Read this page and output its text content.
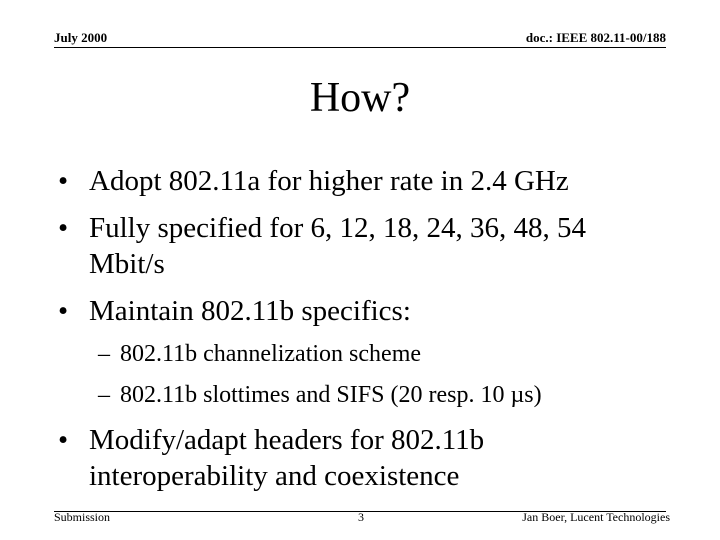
July 2000	doc.: IEEE 802.11-00/188
How?
• Adopt 802.11a for higher rate in 2.4 GHz
• Fully specified for 6, 12, 18, 24, 36, 48, 54
Mbit/s
• Maintain 802.11b specifics:
– 802.11b channelization scheme
– 802.11b slottimes and SIFS (20 resp. 10 µs)
• Modify/adapt headers for 802.11b
interoperability and coexistence
Submission	3	Jan Boer, Lucent Technologies
